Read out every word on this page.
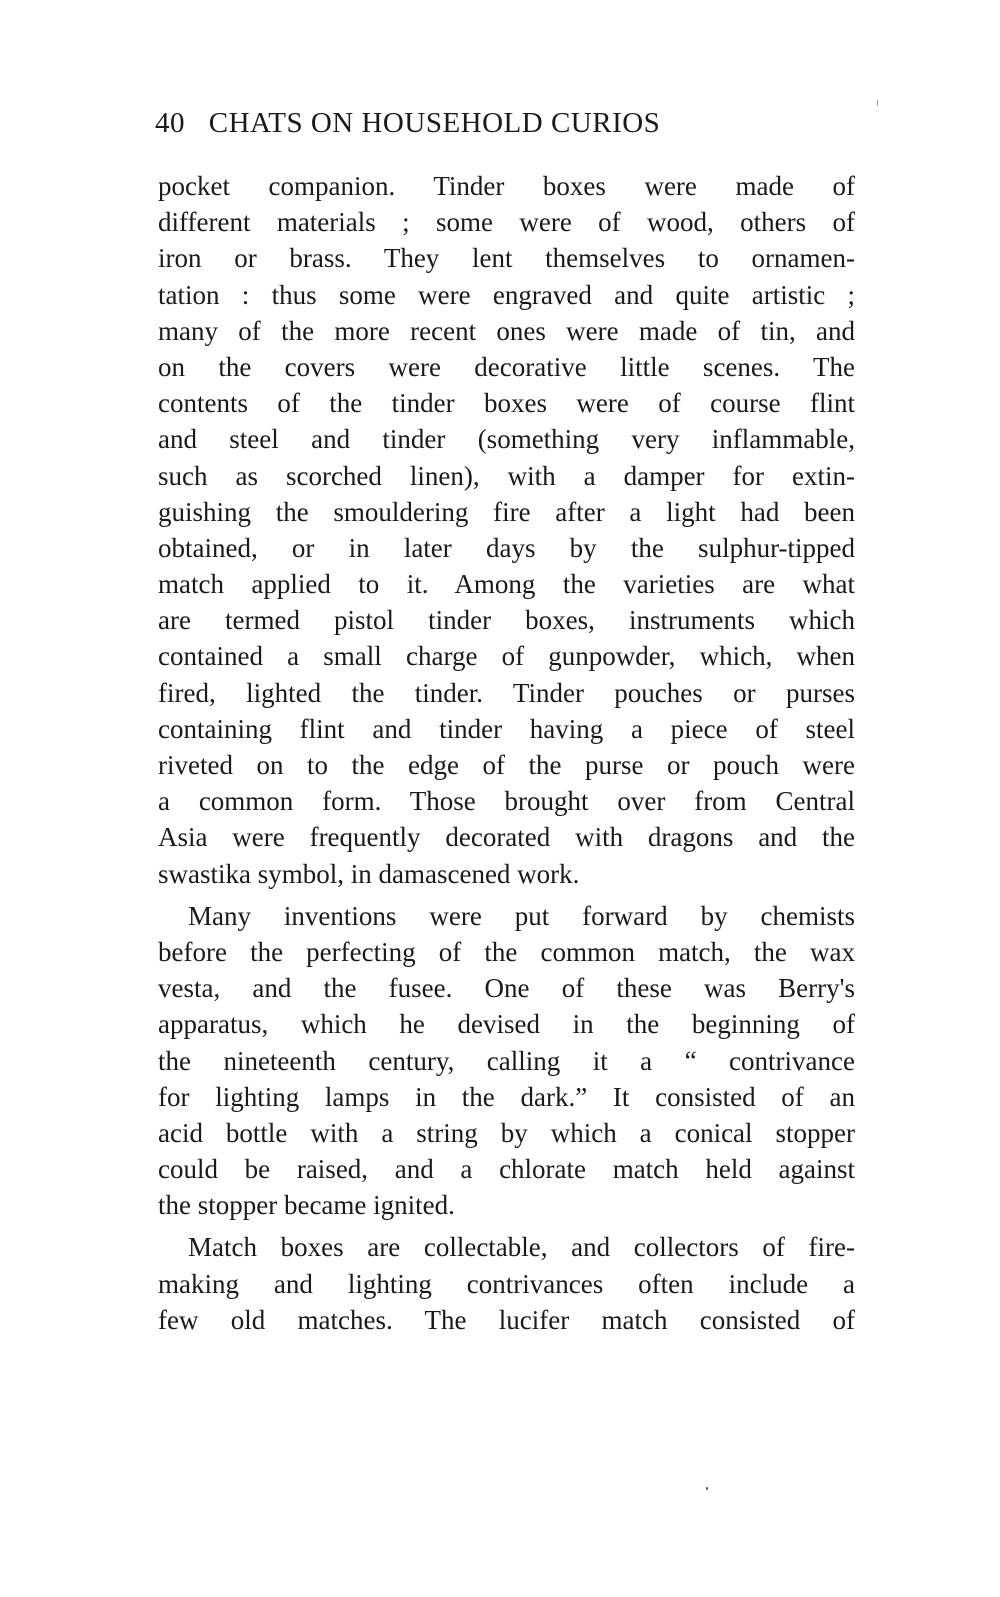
40 CHATS ON HOUSEHOLD CURIOS

pocket companion. Tinder boxes were made of
different materials ; some were of wood, others of
iron or brass. They lent themselves to ornamen-
tation : thus some were engraved and quite artistic ;
many of the more recent ones were made of tin, and
on the covers were decorative little scenes. The
contents of the tinder boxes were of course flint
and steel and tinder (something very inflammable,
such as scorched linen), with a damper for extin-
guishing the smouldering fire after a light had been
obtained, or in later days by the sulphur-tipped
match applied to it. Among the varieties are what
are termed pistol tinder boxes, instruments which
contained a small charge of gunpowder, which, when
fired, lighted the tinder. Tinder pouches or purses
containing flint and tinder having a piece of steel
riveted on to the edge of the purse or pouch were
a common form. Those brought over from Central
Asia were frequently decorated with dragons and the
swastika symbol, in damascened work.

Many inventions were put forward by chemists
before the perfecting of the common match, the wax
vesta, and the fusee. One of these was Berry's
apparatus, which he devised in the beginning of
the nineteenth century, calling it a “ contrivance
for lighting lamps in the dark.” It consisted of an
acid bottle with a string by which a conical stopper
could be raised, and a chlorate match held against
the stopper became ignited.

Match boxes are collectable, and collectors of fire-
making and lighting contrivances often include a
few old matches. The lucifer match consisted of
